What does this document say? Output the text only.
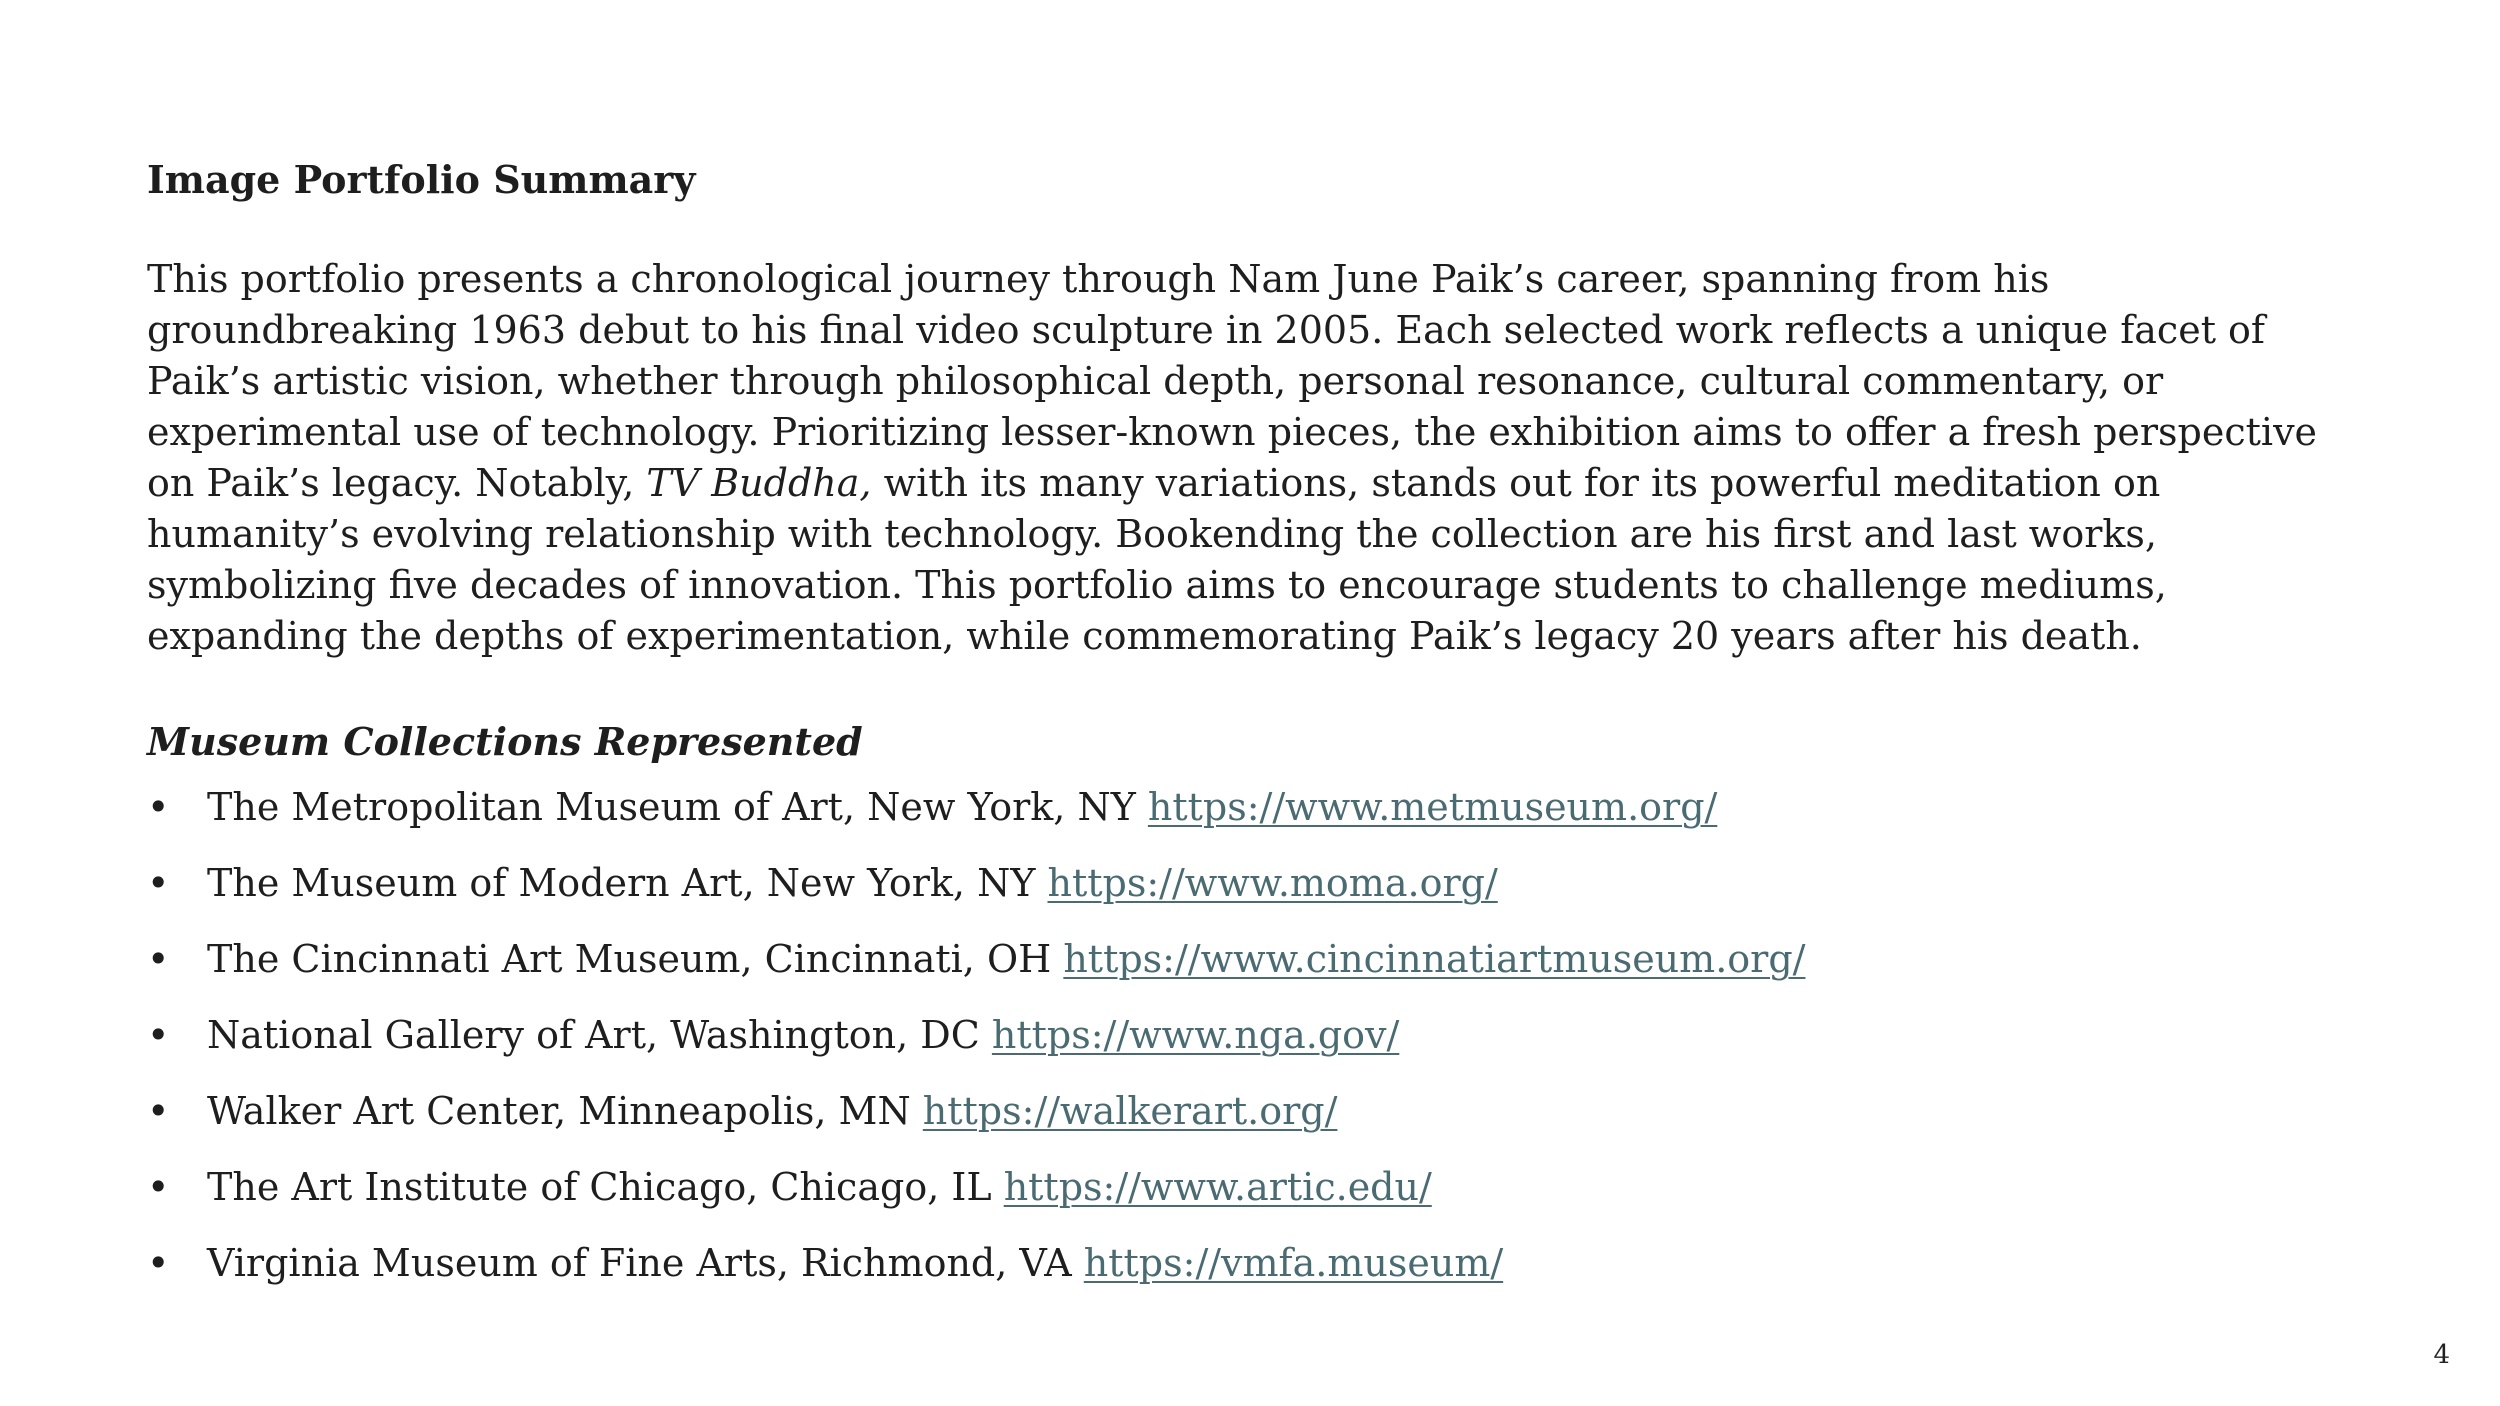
Image Portfolio Summary

This portfolio presents a chronological journey through Nam June Paik’s career, spanning from his groundbreaking 1963 debut to his final video sculpture in 2005. Each selected work reflects a unique facet of Paik’s artistic vision, whether through philosophical depth, personal resonance, cultural commentary, or experimental use of technology. Prioritizing lesser-known pieces, the exhibition aims to offer a fresh perspective on Paik’s legacy. Notably, TV Buddha, with its many variations, stands out for its powerful meditation on humanity’s evolving relationship with technology. Bookending the collection are his first and last works, symbolizing five decades of innovation. This portfolio aims to encourage students to challenge mediums, expanding the depths of experimentation, while commemorating Paik’s legacy 20 years after his death.

Museum Collections Represented
• The Metropolitan Museum of Art, New York, NY https://www.metmuseum.org/
• The Museum of Modern Art, New York, NY https://www.moma.org/
• The Cincinnati Art Museum, Cincinnati, OH https://www.cincinnatiartmuseum.org/
• National Gallery of Art, Washington, DC https://www.nga.gov/
• Walker Art Center, Minneapolis, MN https://walkerart.org/
• The Art Institute of Chicago, Chicago, IL https://www.artic.edu/
• Virginia Museum of Fine Arts, Richmond, VA https://vmfa.museum/
4
